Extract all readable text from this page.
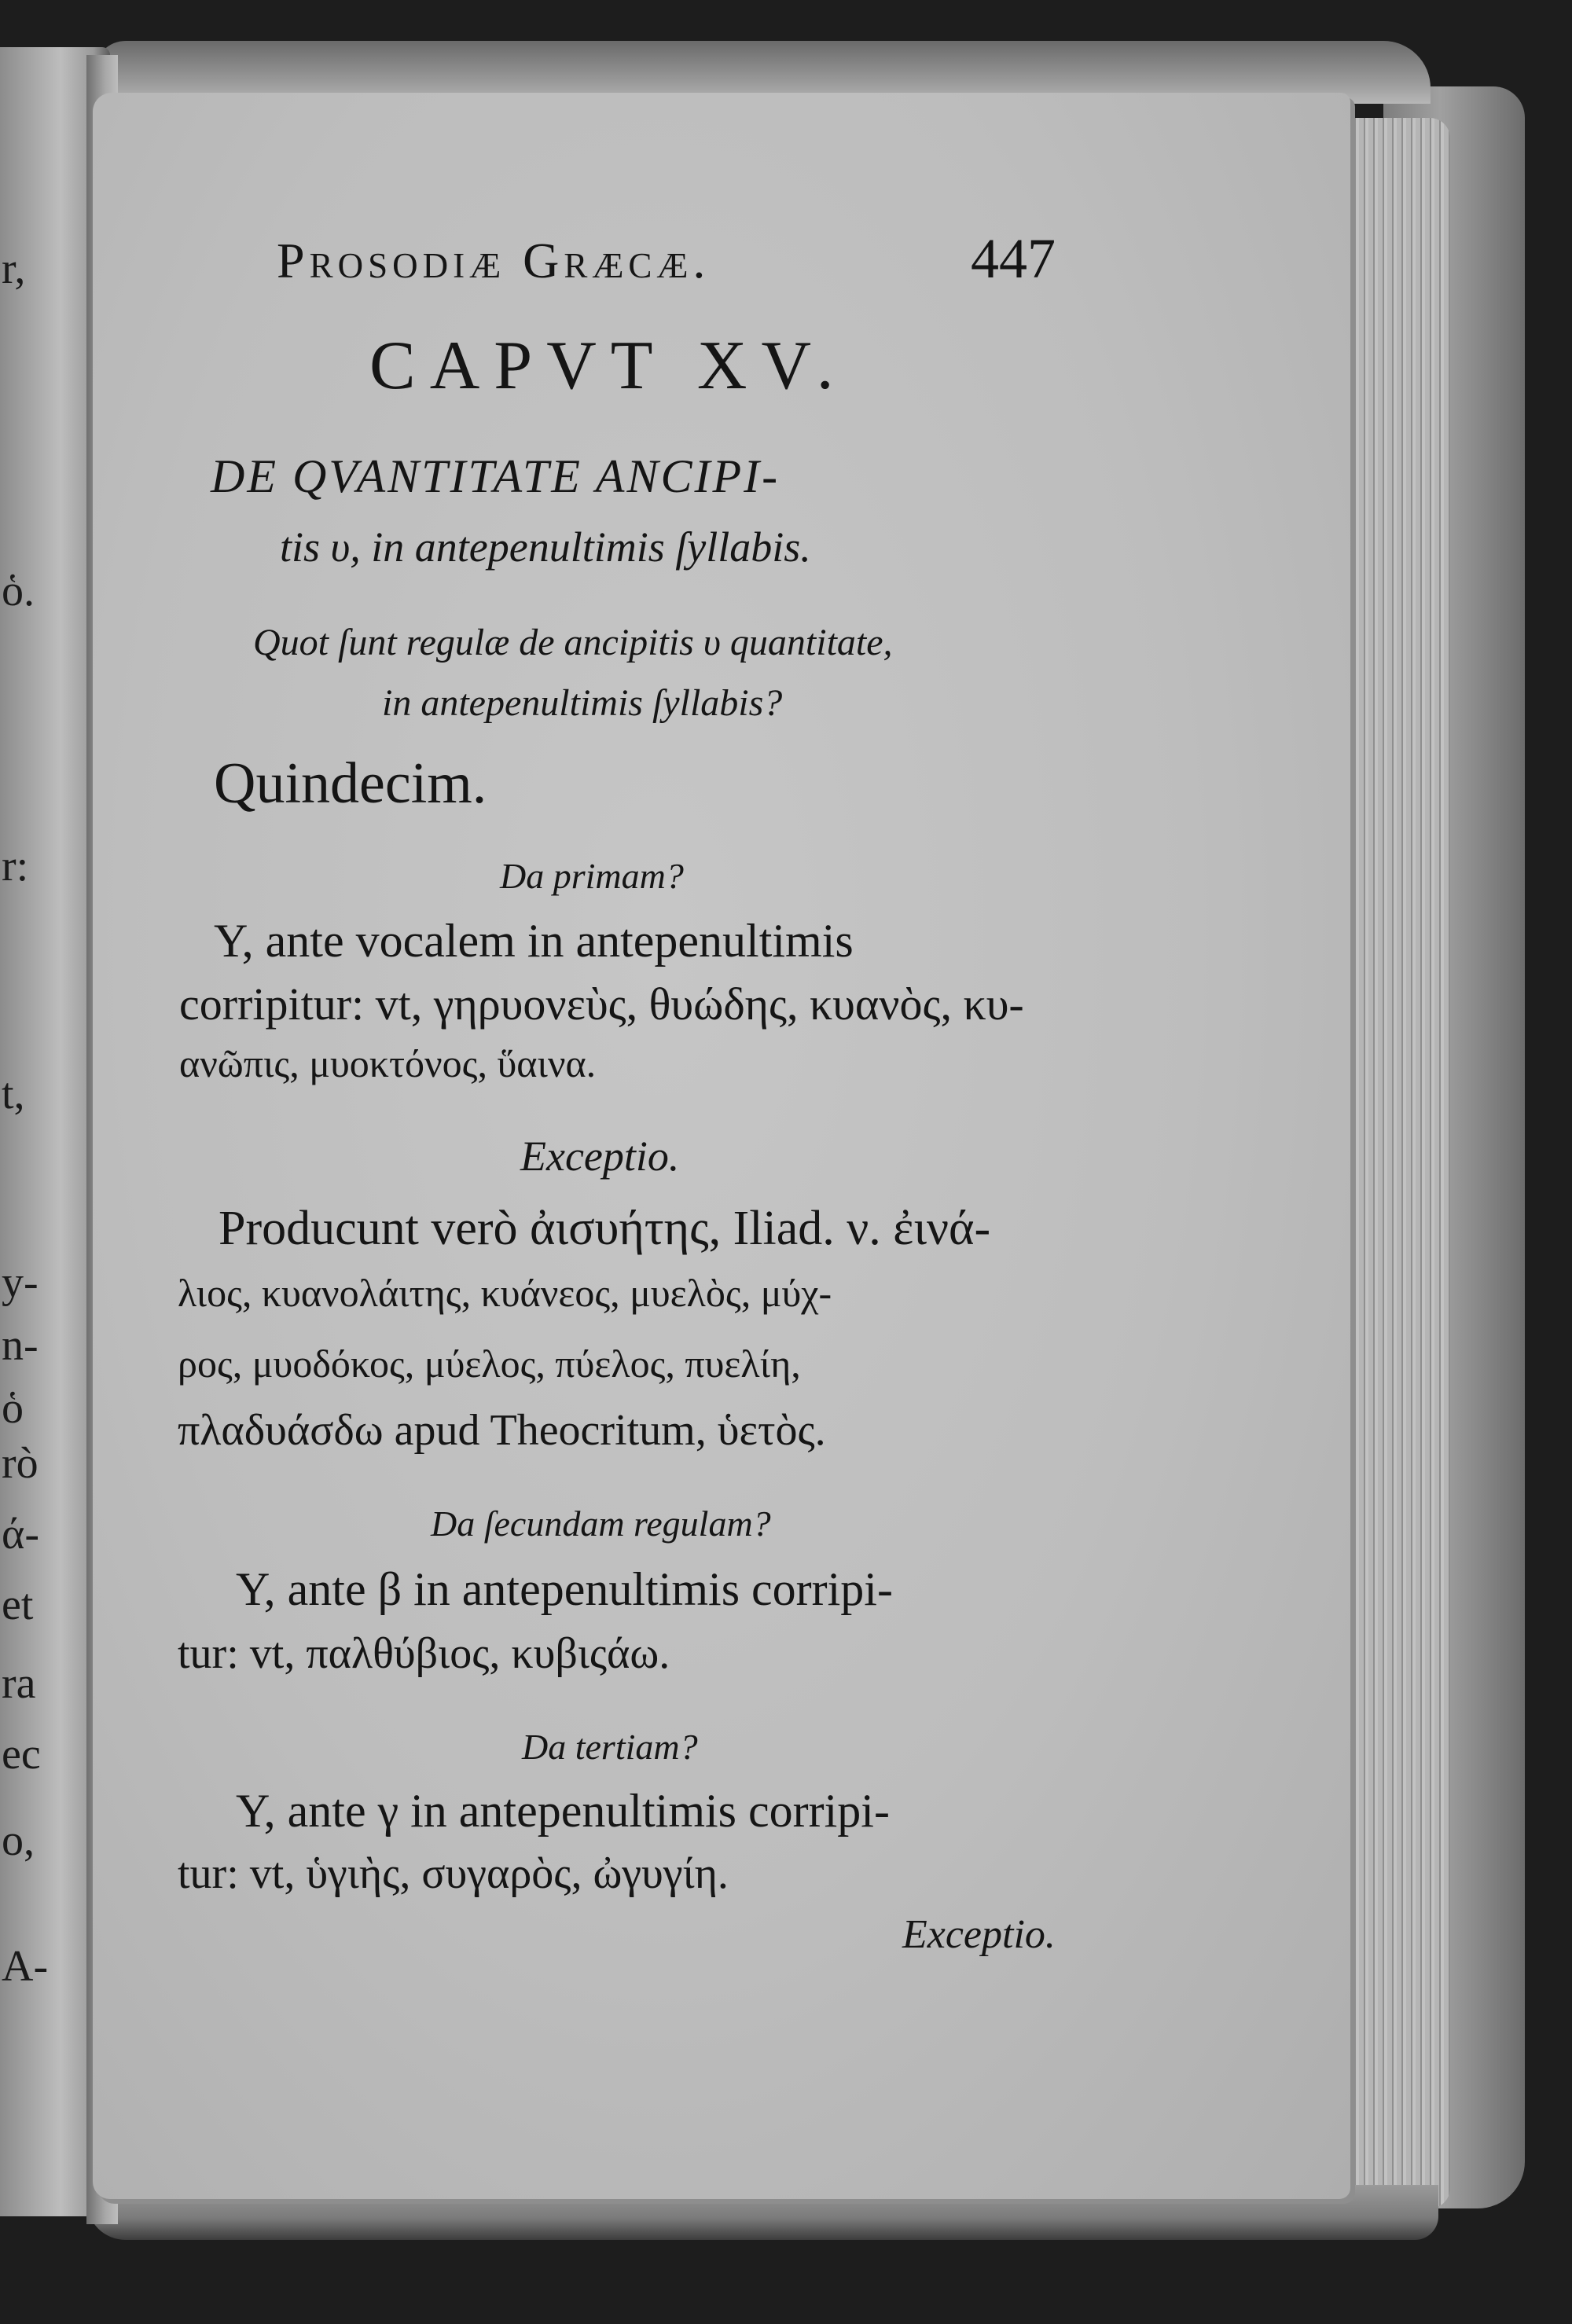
r,
ὁ.
r:
t,
y-
n-
ὁ
rò
ά-
et
ra
ec
o,
A-
Prosodiæ Græcæ.	447
CAPVT XV.
DE QVANTITATE ANCIPI-
tis υ, in antepenultimis ſyllabis.
Quot ſunt regulæ de ancipitis υ quantitate,
in antepenultimis ſyllabis?
Quindecim.
Da primam?
Υ, ante vocalem in antepenultimis
corripitur: vt, γηρυονεὺς, θυώδης, κυανὸς, κυ-
ανῶπις, μυοκτόνος, ὕαινα.
Exceptio.
Producunt verò ἀισυήτης, Iliad. ν. ἐινά-
λιος, κυανολάιτης, κυάνεος, μυελὸς, μύχ-
ρος, μυοδόκος, μύελος, πύελος, πυελίη,
πλαδυάσδω apud Theocritum, ὑετὸς.
Da ſecundam regulam?
Υ, ante β in antepenultimis corripi-
tur: vt, παλθύβιος, κυβιςάω.
Da tertiam?
Υ, ante γ in antepenultimis corripi-
tur: vt, ὑγιὴς, συγαρὸς, ὠγυγίη.
Exceptio.
